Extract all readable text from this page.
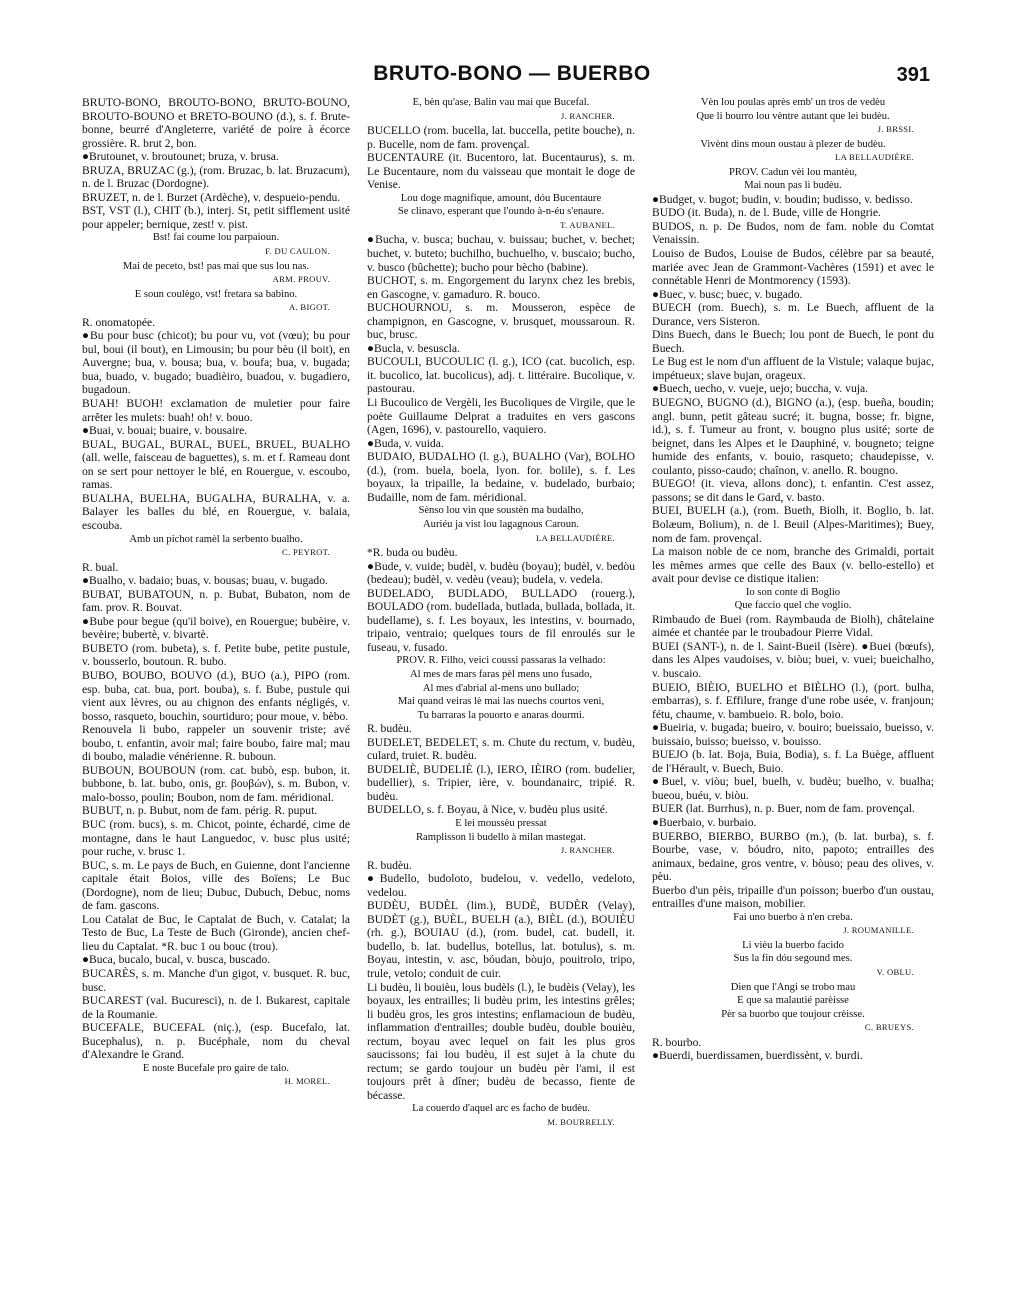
BRUTO-BONO — BUERBO	391
BRUTO-BONO, BROUTO-BONO, BRUTO-BOUNO, BROUTO-BOUNO et BRETO-BOUNO (d.), s. f. Brute-bonne, beurré d'Angleterre, variété de poire à écorce grossière. R. brut 2, bon.
●Brutounet, v. broutounet; bruza, v. brusa.
BRUZA, BRUZAC (g.), (rom. Bruzac, b. lat. Bruzacum), n. de l. Bruzac (Dordogne).
BRUZET, n. de l. Burzet (Ardèche), v. despueio-pendu.
BST, VST (l.), CHIT (b.), interj. St, petit sifflement usité pour appeler; bernique, zest! v. pist.
Bst! fai coume lou parpaioun.
F. DU CAULON.
Mai de peceto, bst! pas mai que sus lou nas.
ARM. PROUV.
E soun coulègo, vst! fretara sa babino.
A. BIGOT.
R. onomatopée.
●Bu pour busc (chicot); bu pour vu, vot (vœu); bu pour bul, boui (il bout), en Limousin; bu pour bèu (il boit), en Auvergne; bua, v. bousa; bua, v. boufa; bua, v. bugada; bua, buado, v. bugado; buadièiro, buadou, v. bugadiero, bugadoun.
BUAH! BUOH! exclamation de muletier pour faire arrêter les mulets: buah! oh! v. bouo.
●Buai, v. bouai; buaire, v. bousaire.
BUAL, BUGAL, BURAL, BUEL, BRUEL, BUALHO (all. welle, faisceau de baguettes), s. m. et f. Rameau dont on se sert pour nettoyer le blé, en Rouergue, v. escoubo, ramas.
BUALHA, BUELHA, BUGALHA, BURALHA, v. a. Balayer les balles du blé, en Rouergue, v. balaia, escouba.
Amb un pichot ramèl la serbento bualho.
C. PEYROT.
R. bual.
●Bualho, v. badaio; buas, v. bousas; buau, v. bugado.
BUBAT, BUBATOUN, n. p. Bubat, Bubaton, nom de fam. prov. R. Bouvat.
●Bube pour begue (qu'il boive), en Rouergue; bubèire, v. bevèire; bubertè, v. bivartè.
BUBETO (rom. bubeta), s. f. Petite bube, petite pustule, v. bousserlo, boutoun. R. bubo.
BUBO, BOUBO, BOUVO (d.), BUO (a.), PIPO (rom. esp. buba, cat. bua, port. bouba), s. f. Bube, pustule qui vient aux lèvres, ou au chignon des enfants négligés, v. bosso, rasqueto, bouchin, sourtiduro; pour moue, v. bèbo.
Renouvela li bubo, rappeler un souvenir triste; avé boubo, t. enfantin, avoir mal; faire boubo, faire mal; mau di boubo, maladie vénérienne. R. buboun.
BUBOUN, BOUBOUN (rom. cat. bubò, esp. bubon, it. bubbone, b. lat. bubo, onis, gr. βουβών), s. m. Bubon, v. malo-bosso, poulin; Boubon, nom de fam. méridional.
BUBUT, n. p. Bubut, nom de fam. périg. R. puput.
BUC (rom. bucs), s. m. Chicot, pointe, échardé, cime de montagne, dans le haut Languedoc, v. busc plus usité; pour ruche, v. brusc 1.
BUC, s. m. Le pays de Buch, en Guienne, dont l'ancienne capitale était Boios, ville des Boïens; Le Buc (Dordogne), nom de lieu; Dubuc, Dubuch, Debuc, noms de fam. gascons.
Lou Catalat de Buc, le Captalat de Buch, v. Catalat; la Testo de Buc, La Teste de Buch (Gironde), ancien chef-lieu du Captalat. *R. buc 1 ou bouc (trou).
●Buca, bucalo, bucal, v. busca, buscado.
BUCARÈS, s. m. Manche d'un gigot, v. busquet. R. buc, busc.
BUCAREST (val. Bucuresci), n. de l. Bukarest, capitale de la Roumanie.
BUCEFALE, BUCEFAL (niç.), (esp. Bucefalo, lat. Bucephalus), n. p. Bucéphale, nom du cheval d'Alexandre le Grand.
E noste Bucefale pro gaire de talo.
H. MOREL.
E, bèn qu'ase, Balin vau mai que Bucefal.
J. RANCHER.
BUCELLO (rom. bucella, lat. buccella, petite bouche), n. p. Bucelle, nom de fam. provençal.
BUCENTAURE (it. Bucentoro, lat. Bucentaurus), s. m. Le Bucentaure, nom du vaisseau que montait le doge de Venise.
Lou doge magnifique, amount, dóu Bucentaure
Se clinavo, esperant que l'oundo à-n-éu s'enaure.
T. AUBANEL.
●Bucha, v. busca; buchau, v. buissau; buchet, v. bechet; buchet, v. buteto; buchilho, buchuelho, v. buscaio; bucho, v. busco (bûchette); bucho pour bècho (babine).
BUCHOT, s. m. Engorgement du larynx chez les brebis, en Gascogne, v. gamaduro. R. bouco.
BUCHOURNOU, s. m. Mousseron, espèce de champignon, en Gascogne, v. brusquet, moussaroun. R. buc, brusc.
●Bucla, v. besuscla.
BUCOULI, BUCOULIC (l. g.), ICO (cat. bucolich, esp. it. bucolico, lat. bucolicus), adj. t. littéraire. Bucolique, v. pastourau.
Li Bucoulico de Vergèli, les Bucoliques de Virgile, que le poète Guillaume Delprat a traduites en vers gascons (Agen, 1696), v. pastourello, vaquiero.
●Buda, v. vuida.
BUDAIO, BUDALHO (l. g.), BUALHO (Var), BOLHO (d.), (rom. buela, boela, lyon. for. bolile), s. f. Les boyaux, la tripaille, la bedaine, v. budelado, burbaio; Budaille, nom de fam. méridional.
Sènso lou vin que soustèn ma budalho,
Auriéu ja vist lou lagagnous Caroun.
LA BELLAUDIÈRE.
*R. buda ou budèu.
●Bude, v. vuide; budèl, v. budèu (boyau); budèl, v. bedòu (bedeau); budèl, v. vedèu (veau); budela, v. vedela.
BUDELADO, BUDLADO, BULLADO (rouerg.), BOULADO (rom. budellada, butlada, bullada, bollada, it. budellame), s. f. Les boyaux, les intestins, v. bournado, tripaio, ventraio; quelques tours de fil enroulés sur le fuseau, v. fusado.
PROV. R. Filho, veici coussi passaras la velhado:
Al mes de mars faras pèl mens uno fusado,
Al mes d'abrial al-mens uno bullado;
Mai quand veiras lè mai las nuechs courtos veni,
Tu barraras la pouorto e anaras dourmi.
R. budèu.
BUDELET, BEDELET, s. m. Chute du rectum, v. budèu, culard, truiet. R. budèu.
BUDELIÈ, BUDELIÈ (l.), IERO, IÈIRO (rom. budelier, budellier), s. Tripier, ière, v. boundanairc, tripié. R. budèu.
BUDELLO, s. f. Boyau, à Nice, v. budèu plus usité.
E lei moussèu pressat
Ramplisson li budello à milan mastegat.
J. RANCHER.
R. budèu.
●Budello, budoloto, budelou, v. vedello, vedeloto, vedelou.
BUDÈU, BUDÈL (lim.), BUDÈ, BUDÈR (Velay), BUDÈT (g.), BUÈL, BUELH (a.), BIÈL (d.), BOUIÈU (rh. g.), BOUIAU (d.), (rom. budel, cat. budell, it. budello, b. lat. budellus, botellus, lat. botulus), s. m. Boyau, intestin, v. asc, bóudan, bòujo, pouitrolo, tripo, trule, vetolo; conduit de cuir.
Li budèu, li bouièu, lous budèls (l.), le budèis (Velay), les boyaux, les entrailles; li budèu prim, les intestins grêles; li budèu gros, les gros intestins; enflamacioun de budèu, inflammation d'entrailles; double budèu, double bouièu, rectum, boyau avec lequel on fait les plus gros saucissons; fai lou budèu, il est sujet à la chute du rectum; se gardo toujour un budèu pèr l'ami, il est toujours prêt à dîner; budèu de becasso, fiente de bécasse.
La couerdo d'aquel arc es facho de budèu.
M. BOURRELLY.
Vèn lou poulas après emb' un tros de vedèu
Que li bourro lou vèntre autant que lei budèu.
J. BRSSI.
Vivènt dins moun oustau à plezer de budèu.
LA BELLAUDIÈRE.
PROV. Cadun vèi lou mantèu,
Mai noun pas li budèu.
●Budget, v. bugot; budin, v. boudin; budisso, v. bedisso.
BUDO (it. Buda), n. de l. Bude, ville de Hongrie.
BUDOS, n. p. De Budos, nom de fam. noble du Comtat Venaissin.
Louiso de Budos, Louise de Budos, célèbre par sa beauté, mariée avec Jean de Grammont-Vachères (1591) et avec le connétable Henri de Montmorency (1593).
●Buec, v. busc; buec, v. bugado.
BUECH (rom. Buech), s. m. Le Buech, affluent de la Durance, vers Sisteron.
Dins Buech, dans le Buech; lou pont de Buech, le pont du Buech.
Le Bug est le nom d'un affluent de la Vistule; valaque bujac, impétueux; slave bujan, orageux.
●Buech, uecho, v. vueje, uejo; buccha, v. vuja.
BUEGNO, BUGNO (d.), BIGNO (a.), (esp. bueña, boudin; angl. bunn, petit gâteau sucré; it. bugna, bosse; fr. bigne, id.), s. f. Tumeur au front, v. bougno plus usité; sorte de beignet, dans les Alpes et le Dauphiné, v. bougneto; teigne humide des enfants, v. bouio, rasqueto; chaudepisse, v. coulanto, pisso-caudo; chaînon, v. anello. R. bougno.
BUEGO! (it. vieva, allons donc), t. enfantin. C'est assez, passons; se dit dans le Gard, v. basto.
BUEI, BUELH (a.), (rom. Bueth, Biolh, it. Boglio, b. lat. Bolæum, Bolium), n. de l. Beuil (Alpes-Maritimes); Buey, nom de fam. provençal.
La maison noble de ce nom, branche des Grimaldi, portait les mêmes armes que celle des Baux (v. bello-estello) et avait pour devise ce distique italien:
Io son conte di Boglio
Que faccio quel che voglio.
Rimbaudo de Buei (rom. Raymbauda de Biolh), châtelaine aimée et chantée par le troubadour Pierre Vidal.
BUEI (SANT-), n. de l. Saint-Bueil (Isère). ●Buei (bœufs), dans les Alpes vaudoises, v. biòu; buei, v. vuei; bueichalho, v. buscaio.
BUEIO, BIÈIO, BUELHO et BIÈLHO (l.), (port. bulha, embarras), s. f. Effilure, frange d'une robe usée, v. franjoun; fétu, chaume, v. bambueio. R. bolo, boio.
●Bueiria, v. bugada; bueiro, v. bouiro; bueissaio, bueisso, v. buissaio, buisso; bueisso, v. bouisso.
BUEJO (b. lat. Boja, Buia, Bodia), s. f. La Buège, affluent de l'Hérault, v. Buech, Buio.
●Buel, v. viòu; buel, buelh, v. budèu; buelho, v. bualha; bueou, buéu, v. biòu.
BUER (lat. Burrhus), n. p. Buer, nom de fam. provençal.
●Buerbaio, v. burbaio.
BUERBO, BIERBO, BURBO (m.), (b. lat. burba), s. f. Bourbe, vase, v. bóudro, nito, papoto; entrailles des animaux, bedaine, gros ventre, v. bòuso; peau des olives, v. pèu.
Buerbo d'un pèis, tripaille d'un poisson; buerbo d'un oustau, entrailles d'une maison, mobilier.
Fai uno buerbo à n'en creba.
J. ROUMANILLE.
Li vièu la buerbo facido
Sus la fin dóu segound mes.
V. OBLU.
Dien que l'Angi se trobo mau
E que sa malautié parèisse
Pèr sa buorbo que toujour crèisse.
C. BRUEYS.
R. bourbo.
●Buerdi, buerdissamen, buerdissènt, v. burdi.
